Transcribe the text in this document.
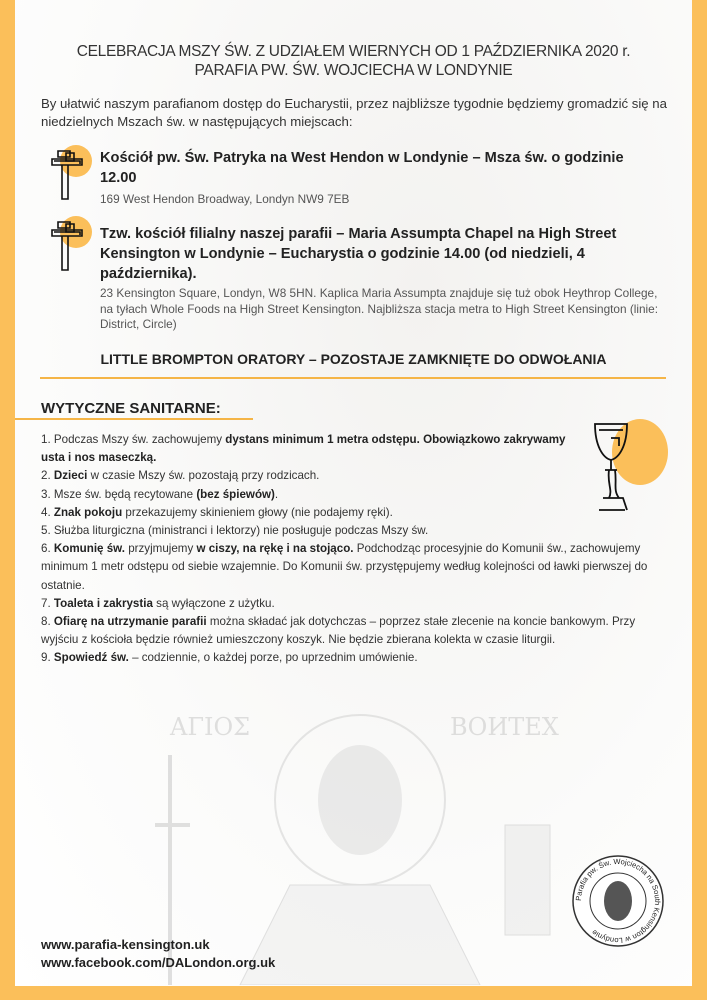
CELEBRACJA MSZY ŚW. Z UDZIAŁEM WIERNYCH OD 1 PAŹDZIERNIKA 2020 r.
PARAFIA PW. ŚW. WOJCIECHA W LONDYNIE
By ułatwić naszym parafianom dostęp do Eucharystii, przez najbliższe tygodnie będziemy gromadzić się na niedzielnych Mszach św. w następujących miejscach:
Kościół pw. Św. Patryka na West Hendon w Londynie – Msza św. o godzinie 12.00
169 West Hendon Broadway, Londyn NW9 7EB
Tzw. kościół filialny naszej parafii – Maria Assumpta Chapel na High Street Kensington w Londynie – Eucharystia o godzinie 14.00 (od niedzieli, 4 października).
23 Kensington Square, Londyn, W8 5HN. Kaplica Maria Assumpta znajduje się tuż obok Heythrop College, na tyłach Whole Foods na High Street Kensington. Najbliższa stacja metra to High Street Kensington (linie: District, Circle)
LITTLE BROMPTON ORATORY – POZOSTAJE ZAMKNIĘTE DO ODWOŁANIA
WYTYCZNE SANITARNE:
1. Podczas Mszy św. zachowujemy dystans minimum 1 metra odstępu. Obowiązkowo zakrywamy usta i nos maseczką.
2. Dzieci w czasie Mszy św. pozostają przy rodzicach.
3. Msze św. będą recytowane (bez śpiewów).
4. Znak pokoju przekazujemy skinieniem głowy (nie podajemy ręki).
5. Służba liturgiczna (ministranci i lektorzy) nie posługuje podczas Mszy św.
6. Komunię św. przyjmujemy w ciszy, na rękę i na stojąco. Podchodząc procesyjnie do Komunii św., zachowujemy minimum 1 metr odstępu od siebie wzajemnie. Do Komunii św. przystępujemy według kolejności od ławki pierwszej do ostatnie.
7. Toaleta i zakrystia są wyłączone z użytku.
8. Ofiarę na utrzymanie parafii można składać jak dotychczas – poprzez stałe zlecenie na koncie bankowym. Przy wyjściu z kościoła będzie również umieszczony koszyk. Nie będzie zbierana kolekta w czasie liturgii.
9. Spowiedź św. – codziennie, o każdej porze, po uprzednim umówienie.
ΑΓΙΟΣ	ВОИТЕХ
www.parafia-kensington.uk
www.facebook.com/DALondon.org.uk
Parafia pw. Św. Wojciecha na South Kensington w Londynie
